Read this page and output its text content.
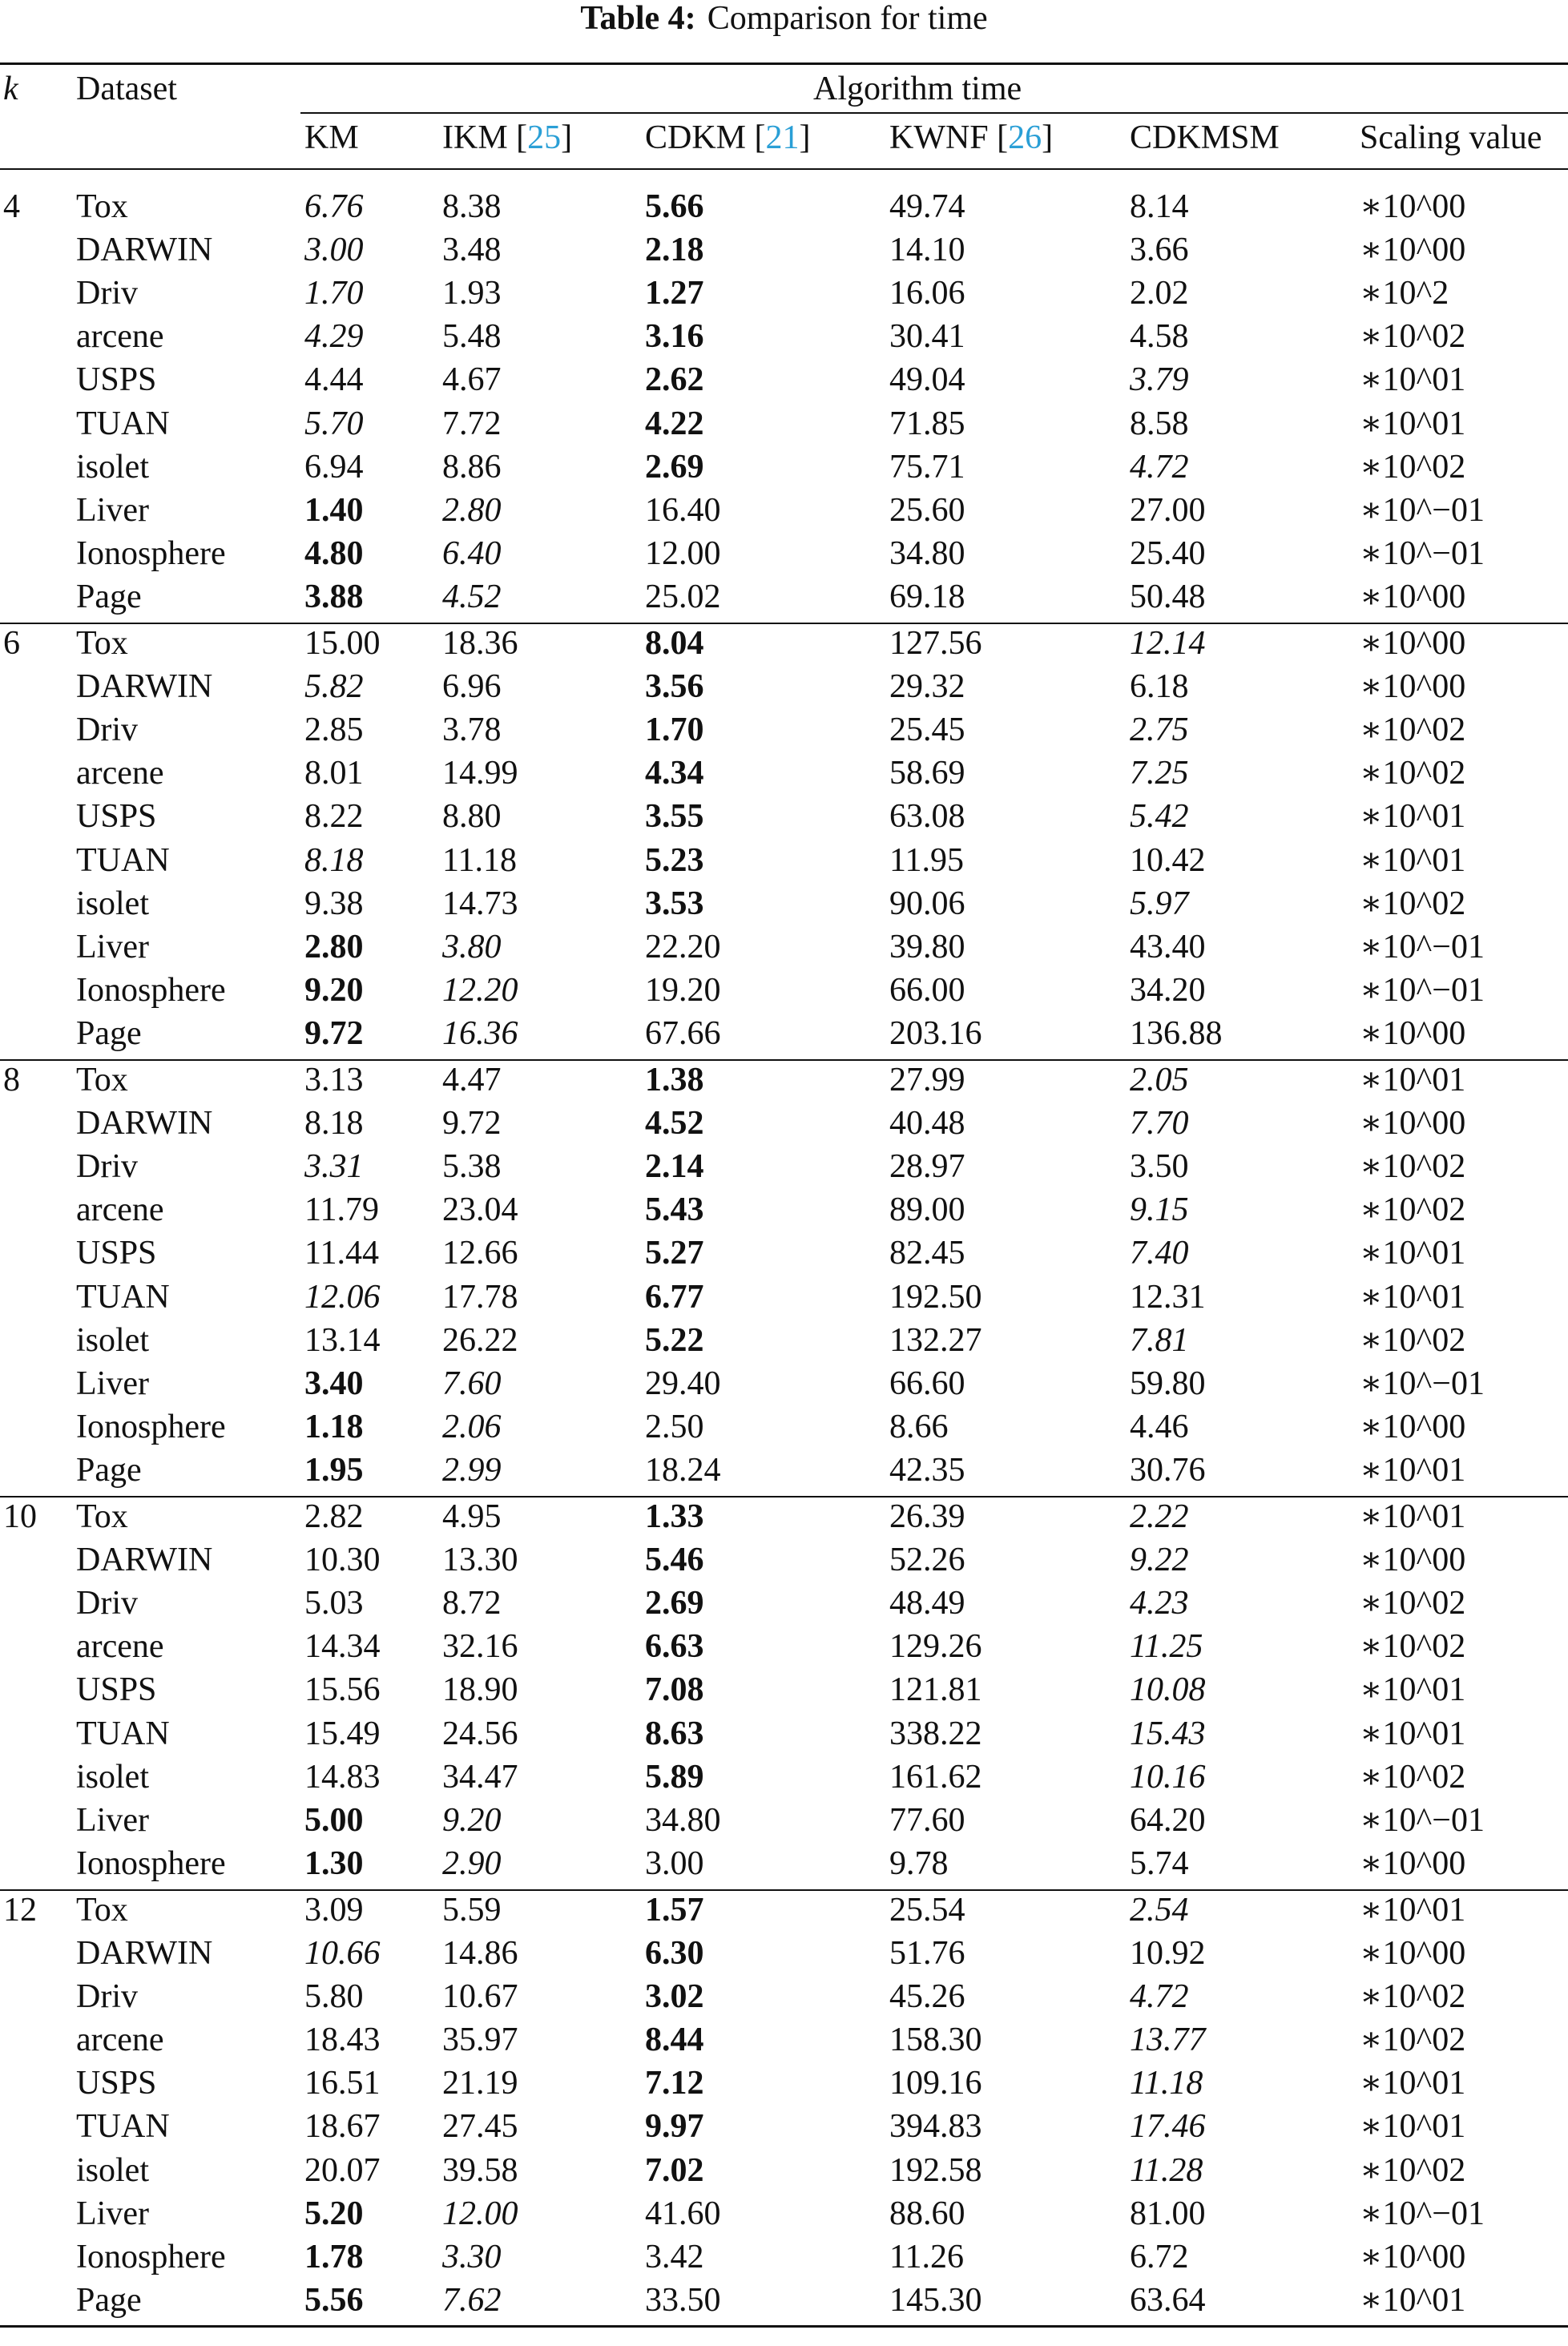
Table 4: Comparison for time
k Dataset	Algorithm time
KM IKM [25] CDKM [21] KWNF [26] CDKMSM Scaling value
4 Tox	6.76 8.38	5.66	49.74	8.14	∗10^00
DARWIN	3.00 3.48	2.18	14.10	3.66	∗10^00
Driv	1.70 1.93	1.27	16.06	2.02	∗10^2
arcene	4.29 5.48	3.16	30.41	4.58	∗10^02
USPS	4.44 4.67	2.62	49.04	3.79	∗10^01
TUAN	5.70 7.72	4.22	71.85	8.58	∗10^01
isolet	6.94 8.86	2.69	75.71	4.72	∗10^02
Liver	1.40 2.80	16.40	25.60	27.00	∗10^−01
Ionosphere 4.80 6.40	12.00	34.80	25.40	∗10^−01
Page	3.88 4.52	25.02	69.18	50.48	∗10^00
6 Tox	15.00 18.36	8.04	127.56	12.14	∗10^00
DARWIN	5.82 6.96	3.56	29.32	6.18	∗10^00
Driv	2.85 3.78	1.70	25.45	2.75	∗10^02
arcene	8.01 14.99	4.34	58.69	7.25	∗10^02
USPS	8.22 8.80	3.55	63.08	5.42	∗10^01
TUAN	8.18 11.18	5.23	11.95	10.42	∗10^01
isolet	9.38 14.73	3.53	90.06	5.97	∗10^02
Liver	2.80 3.80	22.20	39.80	43.40	∗10^−01
Ionosphere 9.20 12.20	19.20	66.00	34.20	∗10^−01
Page	9.72 16.36	67.66	203.16	136.88	∗10^00
8 Tox	3.13 4.47	1.38	27.99	2.05	∗10^01
DARWIN	8.18 9.72	4.52	40.48	7.70	∗10^00
Driv	3.31 5.38	2.14	28.97	3.50	∗10^02
arcene	11.79 23.04	5.43	89.00	9.15	∗10^02
USPS	11.44 12.66	5.27	82.45	7.40	∗10^01
TUAN	12.06 17.78	6.77	192.50	12.31	∗10^01
isolet	13.14 26.22	5.22	132.27	7.81	∗10^02
Liver	3.40 7.60	29.40	66.60	59.80	∗10^−01
Ionosphere 1.18 2.06	2.50	8.66	4.46	∗10^00
Page	1.95 2.99	18.24	42.35	30.76	∗10^01
10 Tox	2.82 4.95	1.33	26.39	2.22	∗10^01
DARWIN	10.30 13.30	5.46	52.26	9.22	∗10^00
Driv	5.03 8.72	2.69	48.49	4.23	∗10^02
arcene	14.34 32.16	6.63	129.26	11.25	∗10^02
USPS	15.56 18.90	7.08	121.81	10.08	∗10^01
TUAN	15.49 24.56	8.63	338.22	15.43	∗10^01
isolet	14.83 34.47	5.89	161.62	10.16	∗10^02
Liver	5.00 9.20	34.80	77.60	64.20	∗10^−01
Ionosphere 1.30 2.90	3.00	9.78	5.74	∗10^00
12 Tox	3.09 5.59	1.57	25.54	2.54	∗10^01
DARWIN	10.66 14.86	6.30	51.76	10.92	∗10^00
Driv	5.80 10.67	3.02	45.26	4.72	∗10^02
arcene	18.43 35.97	8.44	158.30	13.77	∗10^02
USPS	16.51 21.19	7.12	109.16	11.18	∗10^01
TUAN	18.67 27.45	9.97	394.83	17.46	∗10^01
isolet	20.07 39.58	7.02	192.58	11.28	∗10^02
Liver	5.20 12.00	41.60	88.60	81.00	∗10^−01
Ionosphere 1.78 3.30	3.42	11.26	6.72	∗10^00
Page	5.56 7.62	33.50	145.30	63.64	∗10^01
